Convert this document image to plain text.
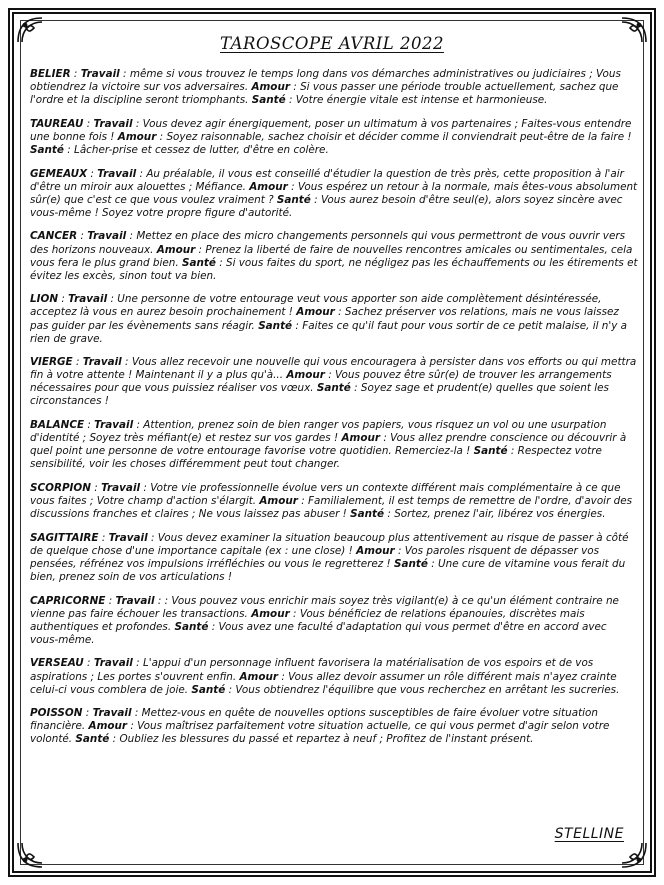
TAROSCOPE AVRIL 2022

BELIER : Travail : même si vous trouvez le temps long dans vos démarches administratives ou judiciaires ; Vous obtiendrez la victoire sur vos adversaires. Amour : Si vous passer une période trouble actuellement, sachez que l'ordre et la discipline seront triomphants. Santé : Votre énergie vitale est intense et harmonieuse.

TAUREAU : Travail : Vous devez agir énergiquement, poser un ultimatum à vos partenaires ; Faites-vous entendre une bonne fois ! Amour : Soyez raisonnable, sachez choisir et décider comme il conviendrait peut-être de la faire ! Santé : Lâcher-prise et cessez de lutter, d'être en colère.

GEMEAUX : Travail : Au préalable, il vous est conseillé d'étudier la question de très près, cette proposition à l'air d'être un miroir aux alouettes ; Méfiance. Amour : Vous espérez un retour à la normale, mais êtes-vous absolument sûr(e) que c'est ce que vous voulez vraiment ? Santé : Vous aurez besoin d'être seul(e), alors soyez sincère avec vous-même ! Soyez votre propre figure d'autorité.

CANCER : Travail : Mettez en place des micro changements personnels qui vous permettront de vous ouvrir vers des horizons nouveaux. Amour : Prenez la liberté de faire de nouvelles rencontres amicales ou sentimentales, cela vous fera le plus grand bien. Santé : Si vous faites du sport, ne négligez pas les échauffements ou les étirements et évitez les excès, sinon tout va bien.

LION : Travail : Une personne de votre entourage veut vous apporter son aide complètement désintéressée, acceptez là vous en aurez besoin prochainement ! Amour : Sachez préserver vos relations, mais ne vous laissez pas guider par les évènements sans réagir. Santé : Faites ce qu'il faut pour vous sortir de ce petit malaise, il n'y a rien de grave.

VIERGE : Travail : Vous allez recevoir une nouvelle qui vous encouragera à persister dans vos efforts ou qui mettra fin à votre attente ! Maintenant il y a plus qu'à... Amour : Vous pouvez être sûr(e) de trouver les arrangements nécessaires pour que vous puissiez réaliser vos vœux. Santé : Soyez sage et prudent(e) quelles que soient les circonstances !

BALANCE : Travail : Attention, prenez soin de bien ranger vos papiers, vous risquez un vol ou une usurpation d'identité ; Soyez très méfiant(e) et restez sur vos gardes ! Amour : Vous allez prendre conscience ou découvrir à quel point une personne de votre entourage favorise votre quotidien. Remerciez-la ! Santé : Respectez votre sensibilité, voir les choses différemment peut tout changer.

SCORPION : Travail : Votre vie professionnelle évolue vers un contexte différent mais complémentaire à ce que vous faites ; Votre champ d'action s'élargit. Amour : Familialement, il est temps de remettre de l'ordre, d'avoir des discussions franches et claires ; Ne vous laissez pas abuser ! Santé : Sortez, prenez l'air, libérez vos énergies.

SAGITTAIRE : Travail : Vous devez examiner la situation beaucoup plus attentivement au risque de passer à côté de quelque chose d'une importance capitale (ex : une close) ! Amour : Vos paroles risquent de dépasser vos pensées, réfrénez vos impulsions irréfléchies ou vous le regretterez ! Santé : Une cure de vitamine vous ferait du bien, prenez soin de vos articulations !

CAPRICORNE : Travail : : Vous pouvez vous enrichir mais soyez très vigilant(e) à ce qu'un élément contraire ne vienne pas faire échouer les transactions. Amour : Vous bénéficiez de relations épanouies, discrètes mais authentiques et profondes. Santé : Vous avez une faculté d'adaptation qui vous permet d'être en accord avec vous-même.

VERSEAU : Travail : L'appui d'un personnage influent favorisera la matérialisation de vos espoirs et de vos aspirations ; Les portes s'ouvrent enfin. Amour : Vous allez devoir assumer un rôle différent mais n'ayez crainte celui-ci vous comblera de joie. Santé : Vous obtiendrez l'équilibre que vous recherchez en arrêtant les sucreries.

POISSON : Travail : Mettez-vous en quête de nouvelles options susceptibles de faire évoluer votre situation financière. Amour : Vous maîtrisez parfaitement votre situation actuelle, ce qui vous permet d'agir selon votre volonté. Santé : Oubliez les blessures du passé et repartez à neuf ; Profitez de l'instant présent.

STELLINE
